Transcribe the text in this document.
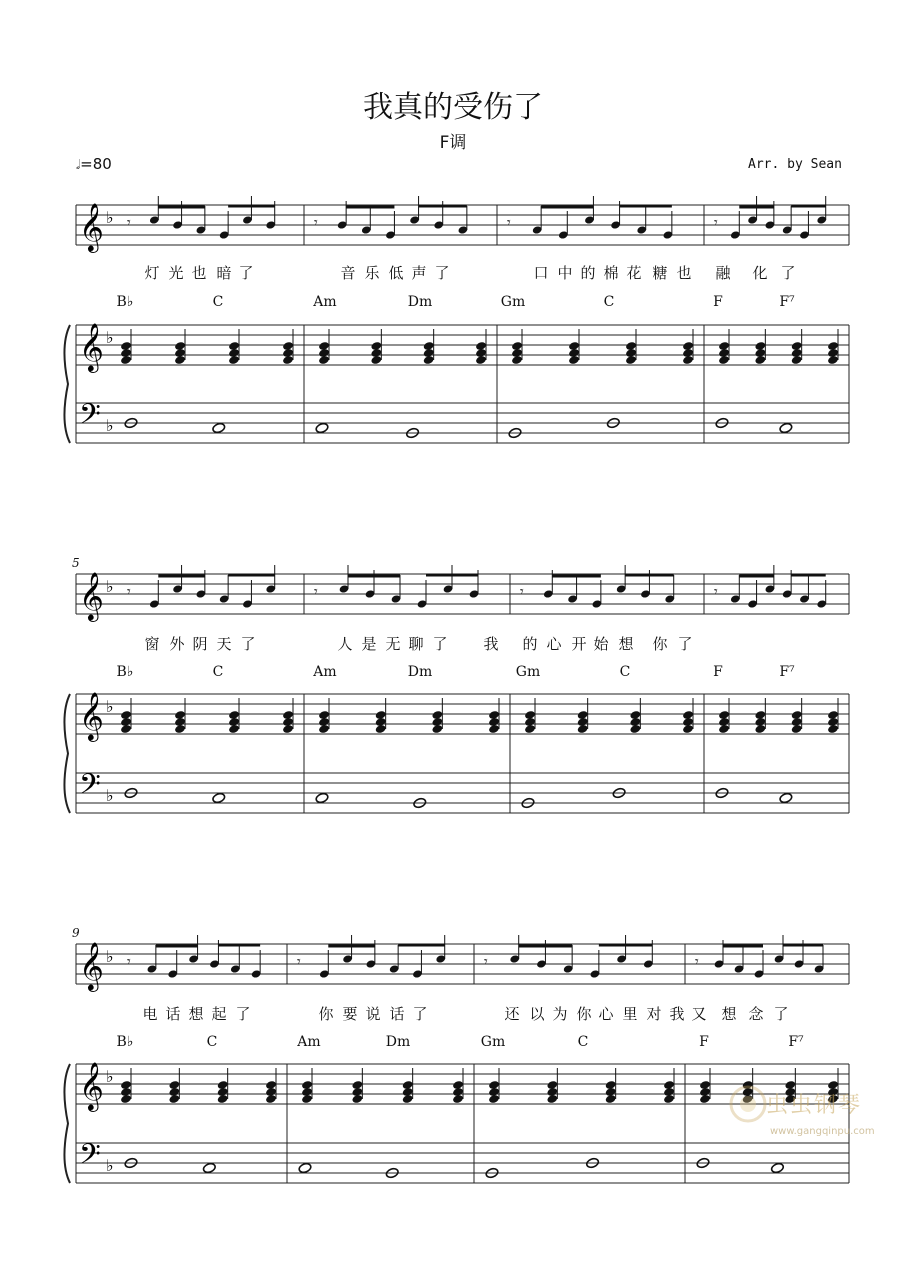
我真的受伤了
F调
𝅗𝅥=80	Arr. by Sean
𝄞 ♭
𝄞 ♭
𝄢 ♭
𝄾	𝄾	𝄾	𝄾
B♭	C	Am	Dm	Gm	C	F	F⁷
灯 光 也 暗 了	音 乐 低 声 了	口 中 的 棉 花 糖 也 融 化 了
𝄞 ♭
𝄞 ♭
𝄢 ♭
𝄾	𝄾	𝄾	𝄾
5
B♭	C	Am	Dm	Gm	C	F	F⁷
窗 外 阴 天 了	人 是 无 聊 了 我 的 心 开 始 想 你 了
𝄞 ♭
𝄞 ♭
𝄢 ♭
𝄾	𝄾	𝄾	𝄾
9
B♭	C	Am	Dm	Gm	C	F	F⁷
电 话 想 起 了	你 要 说 话 了	还 以 为 你 心 里 对 我 又 想 念 了
虫虫钢琴
www.gangqinpu.com
